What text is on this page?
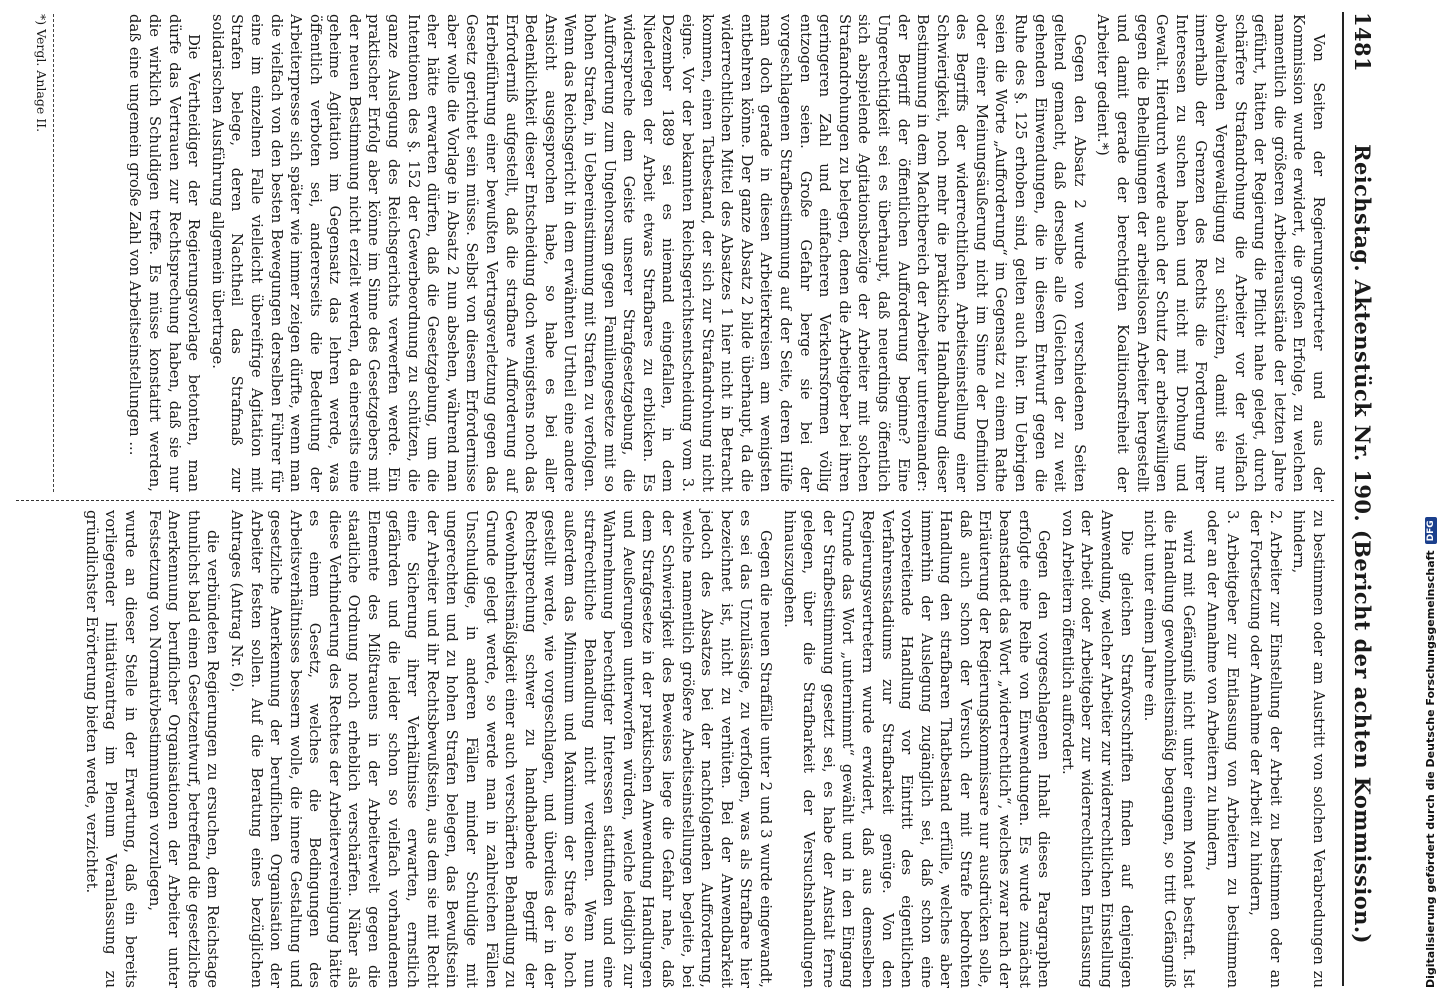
1481
Reichstag. Aktenstück Nr. 190. (Bericht der achten Kommission.)

Von Seiten der Regierungsvertreter und aus der Kommission wurde erwidert, die großen Erfolge, zu welchen namentlich die größeren Arbeiterausstände der letzten Jahre geführt, hätten der Regierung die Pflicht nahe gelegt, durch schärfere Strafandrohung die Arbeiter vor der vielfach obwaltenden Vergewaltigung zu schützen, damit sie nur innerhalb der Grenzen des Rechts die Forderung ihrer Interessen zu suchen haben und nicht mit Drohung und Gewalt. Hierdurch werde auch der Schutz der arbeitswilligen gegen die Behelligungen der arbeitslosen Arbeiter hergestellt und damit gerade der berechtigten Koalitionsfreiheit der Arbeiter gedient.*)

Gegen den Absatz 2 wurde von verschiedenen Seiten geltend gemacht, daß derselbe alle (Gleichen der zu weit gehenden Einwendungen, die in diesem Entwurf gegen die Ruhe des §. 125 erhoben sind, gelten auch hier. Im Uebrigen seien die Worte „Aufforderung“ im Gegensatz zu einem Rathe oder einer Meinungsäußerung nicht im Sinne der Definition des Begriffs der widerrechtlichen Arbeitseinstellung einer Schwierigkeit, noch mehr die praktische Handhabung dieser Bestimmung in dem Machtbereich der Arbeiter untereinander: der Begriff der öffentlichen Aufforderung beginne? Eine Ungerechtigkeit sei es überhaupt, daß neuerdings öffentlich sich abspielende Agitationsbezüge der Arbeiter mit solchen Strafandrohungen zu belegen, denen die Arbeitgeber bei ihren geringeren Zahl und einfacheren Verkehrsformen völlig entzogen seien. Große Gefahr berge sie bei der vorgeschlagenen Strafbestimmung auf der Seite, deren Hülfe man doch gerade in diesen Arbeiterkreisen am wenigsten entbehren könne. Der ganze Absatz 2 bilde überhaupt, da die widerrechtlichen Mittel des Absatzes 1 hier nicht in Betracht kommen, einen Tatbestand, der sich zur Strafandrohung nicht eigne. Vor der bekannten Reichsgerichtsentscheidung vom 3. Dezember 1889 sei es niemand eingefallen, in dem Niederlegen der Arbeit etwas Strafbares zu erblicken. Es widerspreche dem Geiste unserer Strafgesetzgebung, die Aufforderung zum Ungehorsam gegen Familiengesetze mit so hohen Strafen, in Uebereinstimmung mit Strafen zu verfolgen. Wenn das Reichsgericht in dem erwähnten Urtheil eine andere Ansicht ausgesprochen habe, so habe es bei aller Bedenklichkeit dieser Entscheidung doch wenigstens noch das Erforderniß aufgestellt, daß die strafbare Aufforderung auf Herbeiführung einer bewußten Vertragsverletzung gegen das Gesetz gerichtet sein müsse. Selbst von diesem Erfordernisse aber wolle die Vorlage in Absatz 2 nun absehen, während man eher hätte erwarten dürfen, daß die Gesetzgebung, um die Intentionen des §. 152 der Gewerbeordnung zu schützen, die ganze Auslegung des Reichsgerichts verwerfen werde. Ein praktischer Erfolg aber könne im Sinne des Gesetzgebers mit der neuen Bestimmung nicht erzielt werden, da einerseits eine geheime Agitation im Gegensatz das lehren werde, was öffentlich verboten sei, andererseits die Bedeutung der Arbeiterpresse sich später wie immer zeigen dürfte, wenn man die vielfach von den besten Bewegungen derselben Führer für eine im einzelnen Falle vielleicht übereifrige Agitation mit Strafen belege, deren Nachtheil das Strafmaß zur solidarischen Ausführung allgemein übertrage.

Die Vertheidiger der Regierungsvorlage betonten, man dürfe das Vertrauen zur Rechtsprechung haben, daß sie nur die wirklich Schuldigen treffe. Es müsse konstatirt werden, daß eine ungemein große Zahl von Arbeitseinstellungen ...

*) Vergl. Anlage II.

zu bestimmen oder am Austritt von solchen Verabredungen zu hindern,

2. Arbeiter zur Einstellung der Arbeit zu bestimmen oder an der Fortsetzung oder Annahme der Arbeit zu hindern,

3. Arbeitgeber zur Entlassung von Arbeitern zu bestimmen oder an der Annahme von Arbeitern zu hindern,

wird mit Gefängniß nicht unter einem Monat bestraft. Ist die Handlung gewohnheitsmäßig begangen, so tritt Gefängniß nicht unter einem Jahre ein.

Die gleichen Strafvorschriften finden auf denjenigen Anwendung, welcher Arbeiter zur widerrechtlichen Einstellung der Arbeit oder Arbeitgeber zur widerrechtlichen Entlassung von Arbeitern öffentlich auffordert.

Gegen den vorgeschlagenen Inhalt dieses Paragraphen erfolgte eine Reihe von Einwendungen. Es wurde zunächst beanstandet das Wort „widerrechtlich“, welches zwar nach der Erläuterung der Regierungskommissare nur ausdrücken solle, daß auch schon der Versuch der mit Strafe bedrohten Handlung den strafbaren Thatbestand erfülle, welches aber immerhin der Auslegung zugänglich sei, daß schon eine vorbereitende Handlung vor Eintritt des eigentlichen Verfahrensstadiums zur Strafbarkeit genüge. Von den Regierungsvertretern wurde erwidert, daß aus demselben Grunde das Wort „unternimmt“ gewählt und in den Eingang der Strafbestimmung gesetzt sei, es habe der Anstalt ferne gelegen, über die Strafbarkeit der Versuchshandlungen hinauszugehen.

Gegen die neuen Straffälle unter 2 und 3 wurde eingewandt, es sei das Unzulässige, zu verfolgen, was als Strafbare hier bezeichnet ist, nicht zu verhüten. Bei der Anwendbarkeit jedoch des Absatzes bei der nachfolgenden Aufforderung, welche namentlich größere Arbeitseinstellungen begleite, bei der Schwierigkeit des Beweises liege die Gefahr nahe, daß dem Strafgesetze in der praktischen Anwendung Handlungen und Aeußerungen unterworfen würden, welche lediglich zur Wahrnehmung berechtigter Interessen stattfinden und eine strafrechtliche Behandlung nicht verdienen. Wenn nun außerdem das Minimum und Maximum der Strafe so hoch gestellt werde, wie vorgeschlagen, und überdies der in der Rechtsprechung schwer zu handhabende Begriff der Gewohnheitsmäßigkeit einer auch verschärften Behandlung zu Grunde gelegt werde, so werde man in zahlreichen Fällen Unschuldige, in anderen Fällen minder Schuldige mit ungerechten und zu hohen Strafen belegen, das Bewußtsein der Arbeiter und ihr Rechtsbewußtsein, aus dem sie mit Recht eine Sicherung ihrer Verhältnisse erwarten, ernstlich gefährden und die leider schon so vielfach vorhandenen Elemente des Mißtrauens in der Arbeiterwelt gegen die staatliche Ordnung noch erheblich verschärfen. Näher als diese Verhinderung des Rechtes der Arbeitervereinigung hätte es einem Gesetz, welches die Bedingungen des Arbeitsverhältnisses bessern wolle, die innere Gestaltung und gesetzliche Anerkennung der beruflichen Organisation der Arbeiter festen sollen. Auf die Beratung eines bezüglichen Antrages (Antrag Nr. 6).

die verbündeten Regierungen zu ersuchen, dem Reichstage thunlichst bald einen Gesetzentwurf, betreffend die gesetzliche Anerkennung beruflicher Organisationen der Arbeiter unter Festsetzung von Normativbestimmungen vorzulegen,

wurde an dieser Stelle in der Erwartung, daß ein bereits vorliegender Initiativantrag im Plenum Veranlassung zu gründlichster Erörterung bieten werde, verzichtet.	Digitalisierung gefördert durch die Deutsche Forschungsgemeinschaft
DFG
